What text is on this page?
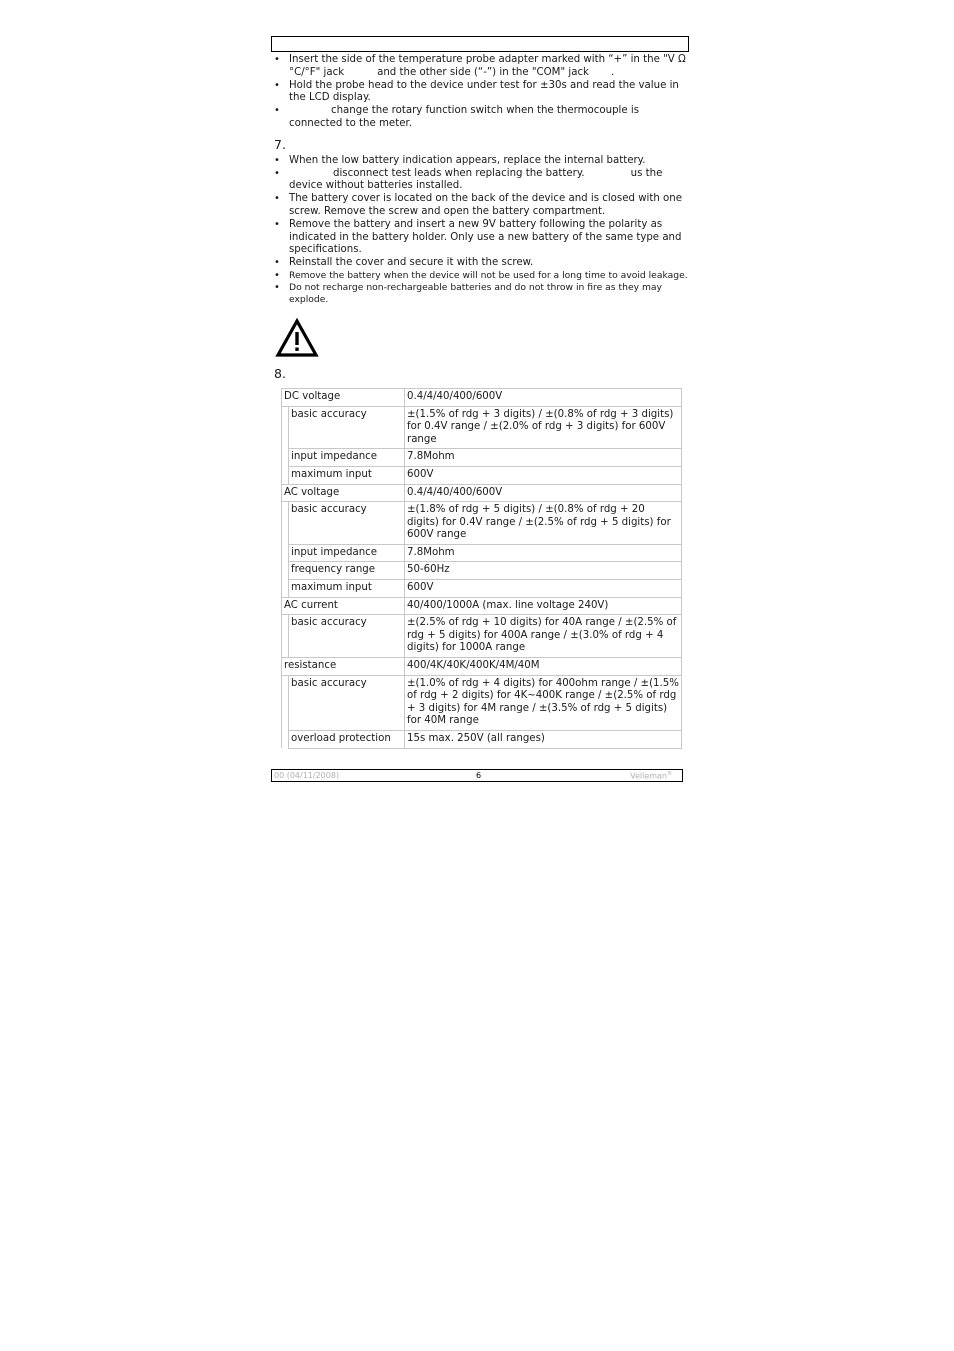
• Insert the side of the temperature probe adapter marked with “+” in the "V Ω °C/°F" jack	and the other side (“-”) in the "COM" jack .
• Hold the probe head to the device under test for ±30s and read the value in the LCD display.
• change the rotary function switch when the thermocouple is connected to the meter.
7.
• When the low battery indication appears, replace the internal battery.
• disconnect test leads when replacing the battery.	us the device without batteries installed.
• The battery cover is located on the back of the device and is closed with one screw. Remove the screw and open the battery compartment.
• Remove the battery and insert a new 9V battery following the polarity as indicated in the battery holder. Only use a new battery of the same type and specifications.
• Reinstall the cover and secure it with the screw.
• Remove the battery when the device will not be used for a long time to avoid leakage.
• Do not recharge non-rechargeable batteries and do not throw in fire as they may explode.
8.
DC voltage		0.4/4/40/400/600V
	basic accuracy	±(1.5% of rdg + 3 digits) / ±(0.8% of rdg + 3 digits) for 0.4V range / ±(2.0% of rdg + 3 digits) for 600V range
	input impedance	7.8Mohm
	maximum input	600V
AC voltage		0.4/4/40/400/600V
	basic accuracy	±(1.8% of rdg + 5 digits) / ±(0.8% of rdg + 20 digits) for 0.4V range / ±(2.5% of rdg + 5 digits) for 600V range
	input impedance	7.8Mohm
	frequency range	50-60Hz
	maximum input	600V
AC current		40/400/1000A (max. line voltage 240V)
	basic accuracy	±(2.5% of rdg + 10 digits) for 40A range / ±(2.5% of rdg + 5 digits) for 400A range / ±(3.0% of rdg + 4 digits) for 1000A range
resistance		400/4K/40K/400K/4M/40M
	basic accuracy	±(1.0% of rdg + 4 digits) for 400ohm range / ±(1.5% of rdg + 2 digits) for 4K~400K range / ±(2.5% of rdg + 3 digits) for 4M range / ±(3.5% of rdg + 5 digits) for 40M range
	overload protection	15s max. 250V (all ranges)
00 (04/11/2008)	6	Velleman®
